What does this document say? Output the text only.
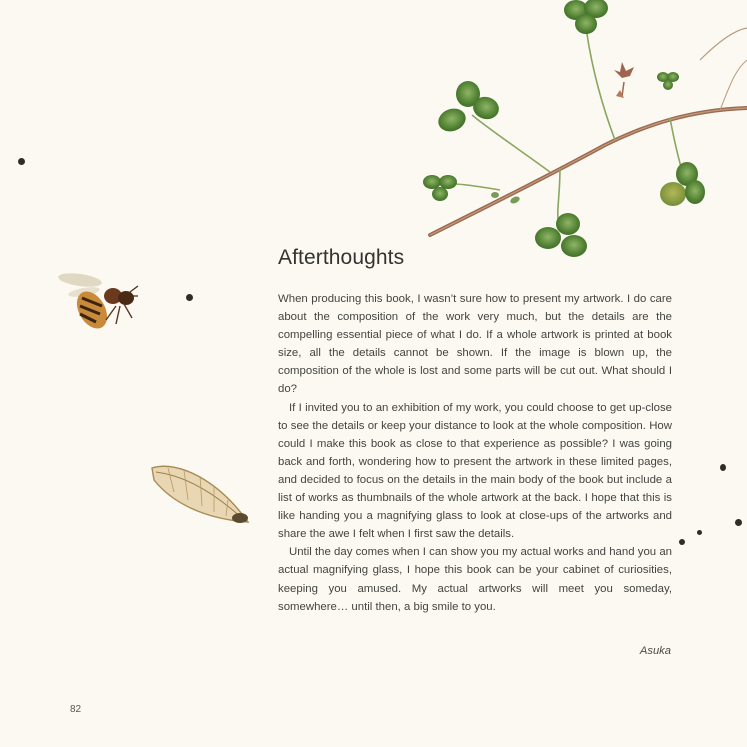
Afterthoughts

When producing this book, I wasn’t sure how to present my artwork. I do care about the composition of the work very much, but the details are the compelling essential piece of what I do. If a whole artwork is printed at book size, all the details cannot be shown. If the image is blown up, the composition of the whole is lost and some parts will be cut out. What should I do?

If I invited you to an exhibition of my work, you could choose to get up-close to see the details or keep your distance to look at the whole composition. How could I make this book as close to that experience as possible? I was going back and forth, wondering how to present the artwork in these limited pages, and decided to focus on the details in the main body of the book but include a list of works as thumbnails of the whole artwork at the back. I hope that this is like handing you a magnifying glass to look at close-ups of the artworks and share the awe I felt when I first saw the details.

Until the day comes when I can show you my actual works and hand you an actual magnifying glass, I hope this book can be your cabinet of curiosities, keeping you amused. My actual artworks will meet you someday, somewhere… until then, a big smile to you.

Asuka
82
